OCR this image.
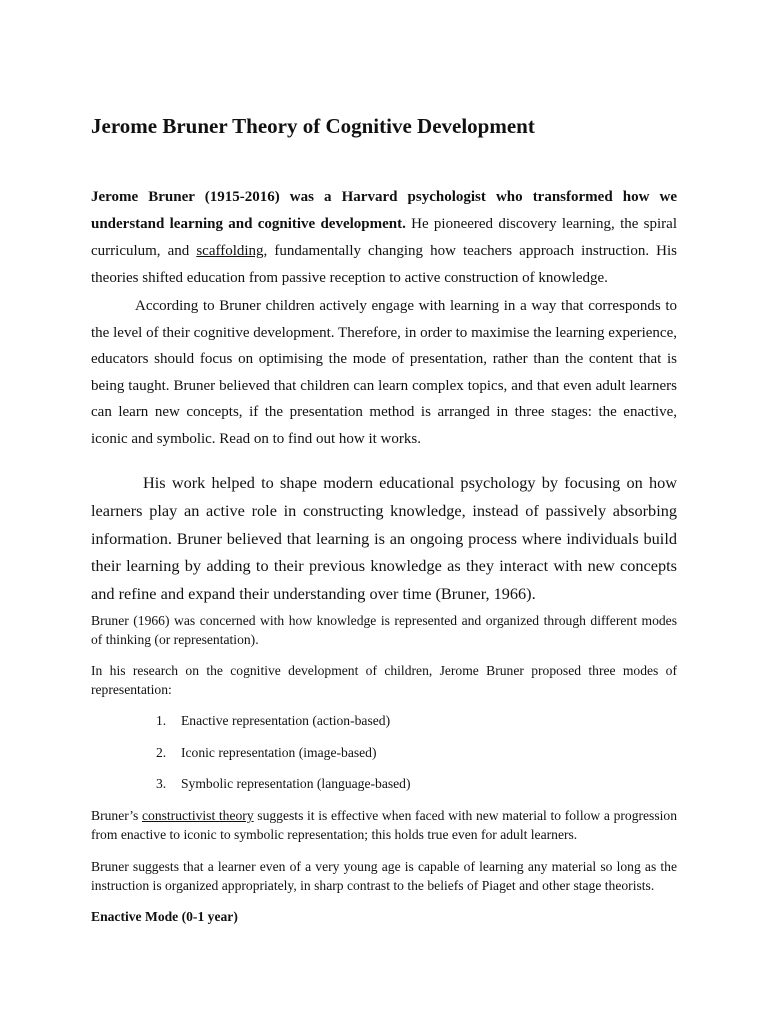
Jerome Bruner Theory of Cognitive Development

Jerome Bruner (1915-2016) was a Harvard psychologist who transformed how we understand learning and cognitive development. He pioneered discovery learning, the spiral curriculum, and scaffolding, fundamentally changing how teachers approach instruction. His theories shifted education from passive reception to active construction of knowledge.

According to Bruner children actively engage with learning in a way that corresponds to the level of their cognitive development. Therefore, in order to maximise the learning experience, educators should focus on optimising the mode of presentation, rather than the content that is being taught. Bruner believed that children can learn complex topics, and that even adult learners can learn new concepts, if the presentation method is arranged in three stages: the enactive, iconic and symbolic. Read on to find out how it works.

His work helped to shape modern educational psychology by focusing on how learners play an active role in constructing knowledge, instead of passively absorbing information. Bruner believed that learning is an ongoing process where individuals build their learning by adding to their previous knowledge as they interact with new concepts and refine and expand their understanding over time (Bruner, 1966).

Bruner (1966) was concerned with how knowledge is represented and organized through different modes of thinking (or representation).

In his research on the cognitive development of children, Jerome Bruner proposed three modes of representation:

1.	Enactive representation (action-based)
2.	Iconic representation (image-based)
3.	Symbolic representation (language-based)

Bruner’s constructivist theory suggests it is effective when faced with new material to follow a progression from enactive to iconic to symbolic representation; this holds true even for adult learners.

Bruner suggests that a learner even of a very young age is capable of learning any material so long as the instruction is organized appropriately, in sharp contrast to the beliefs of Piaget and other stage theorists.

Enactive Mode (0-1 year)
